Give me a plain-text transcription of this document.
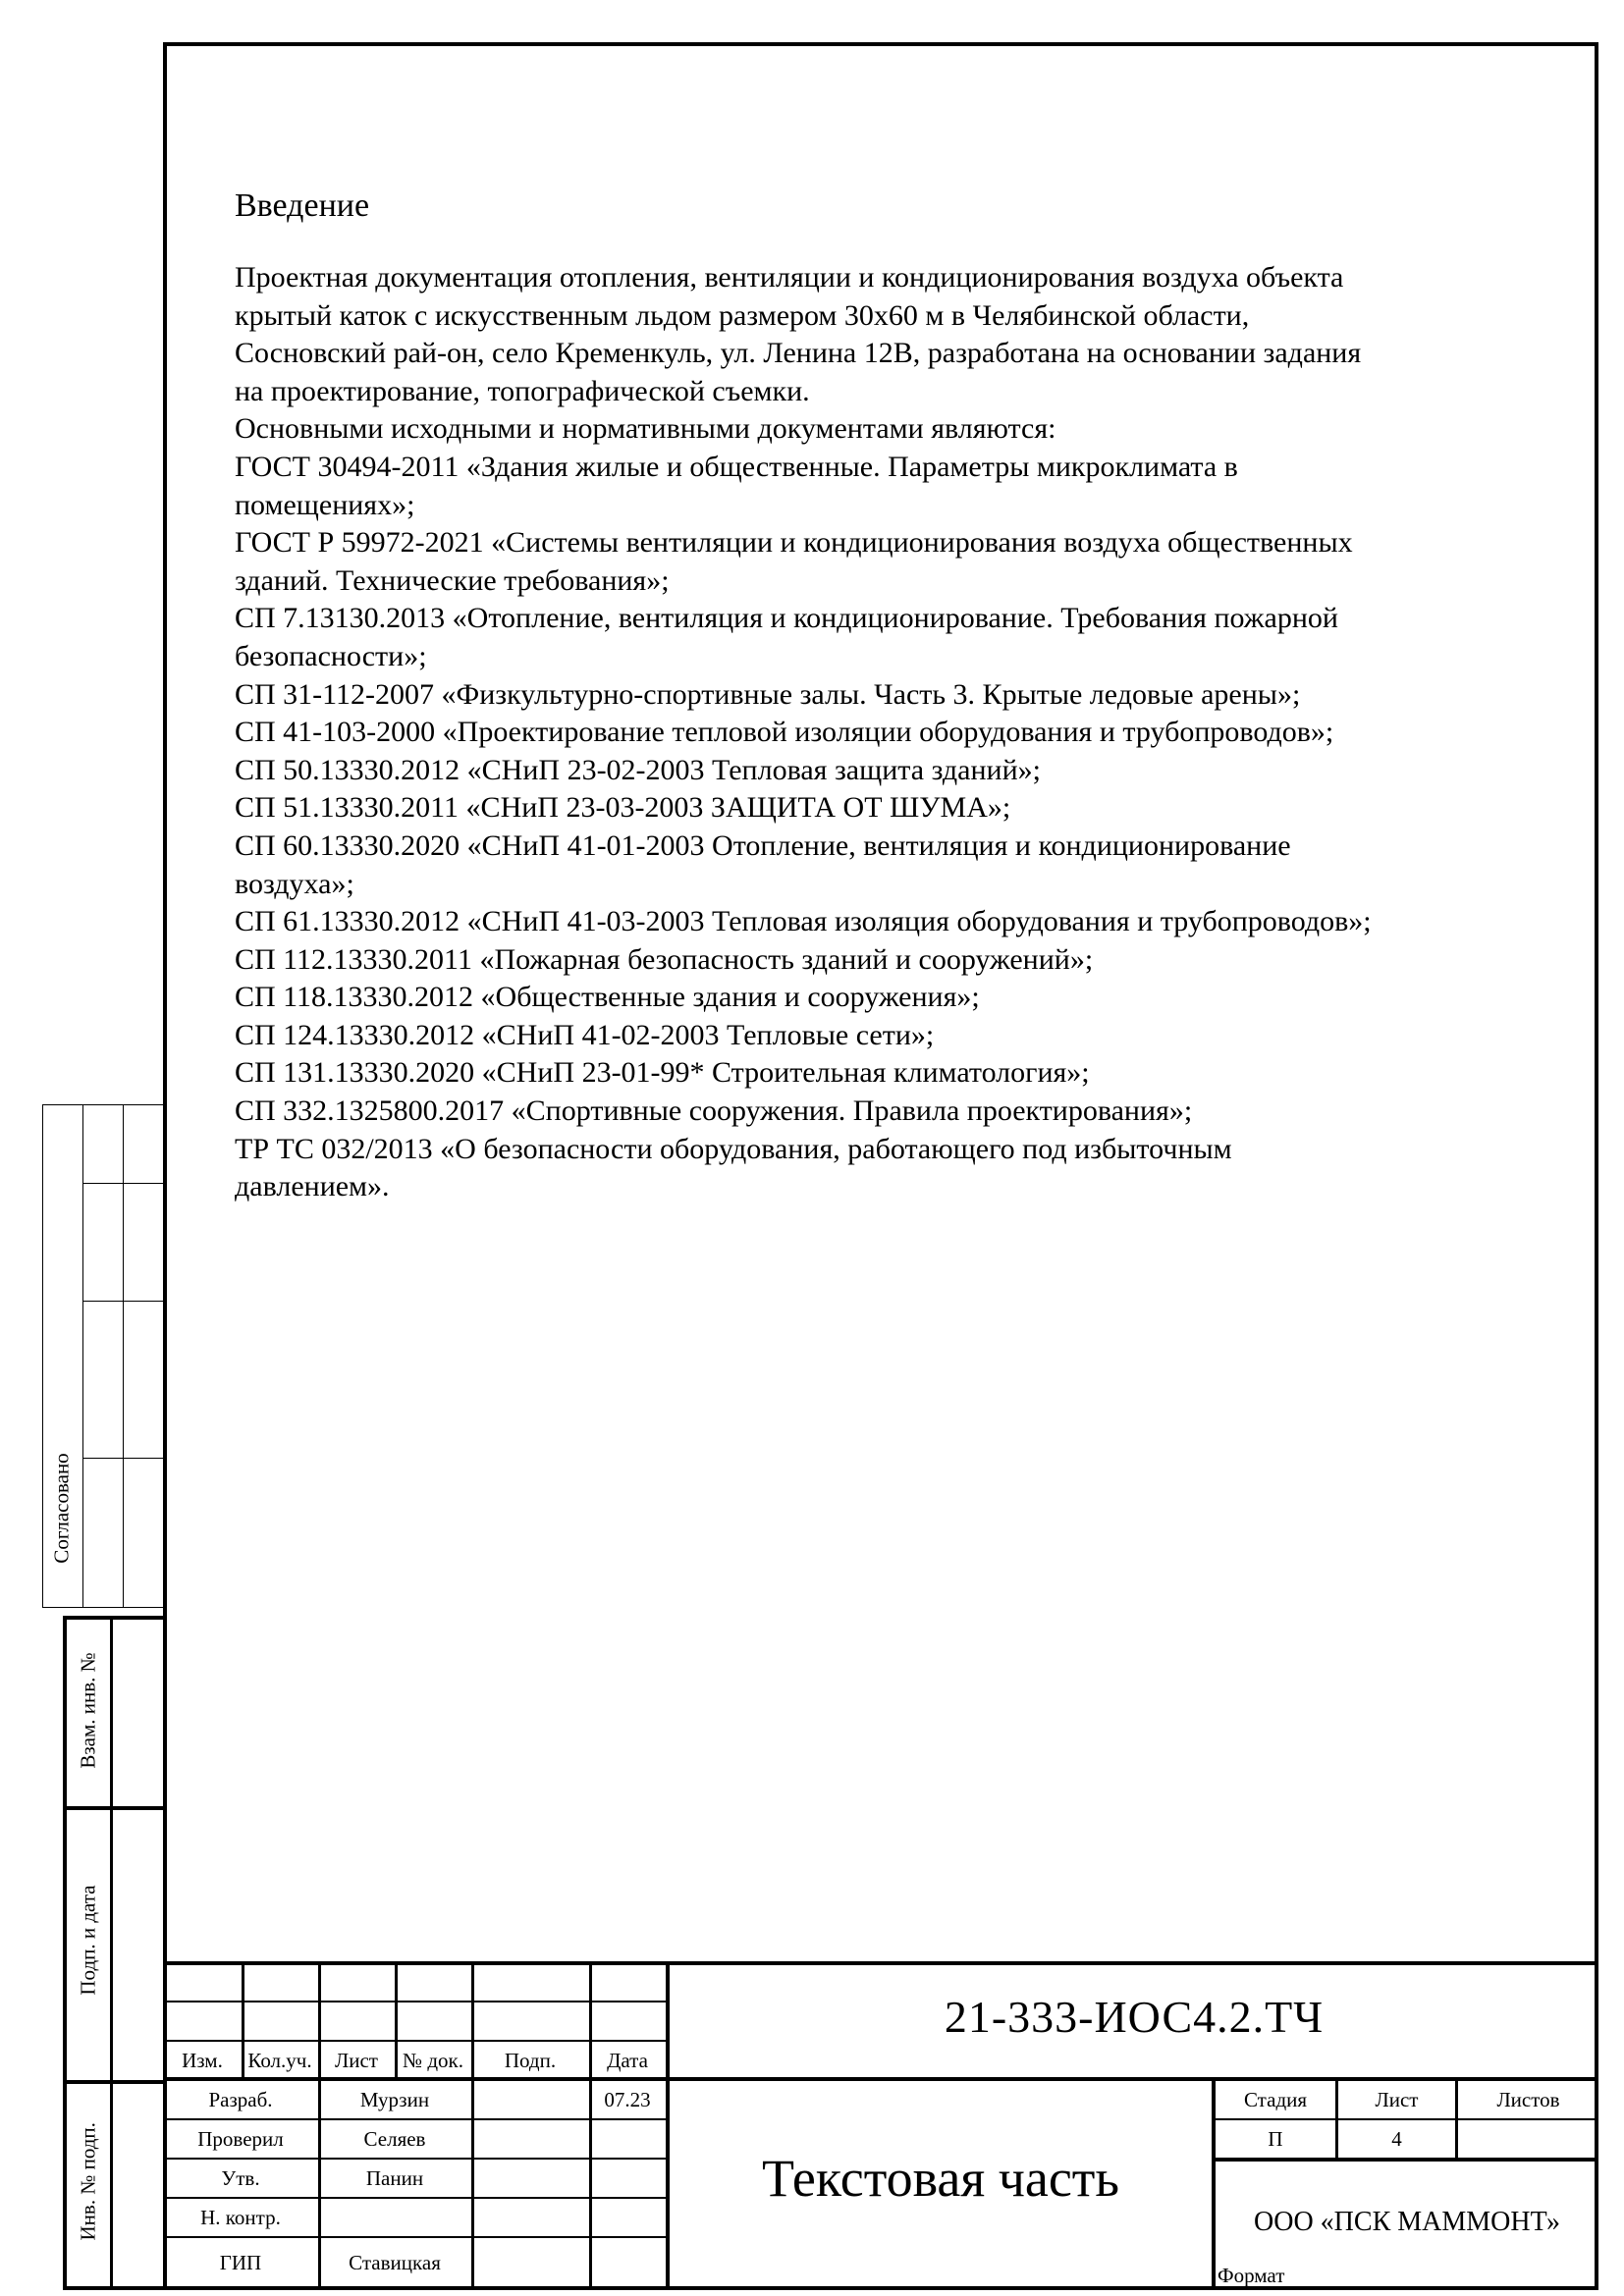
Введение

Проектная документация отопления, вентиляции и кондиционирования воздуха объекта

крытый каток с искусственным льдом размером 30х60 м в Челябинской области,

Сосновский рай-он, село Кременкуль, ул. Ленина 12В, разработана на основании задания

на проектирование, топографической съемки.

Основными исходными и нормативными документами являются:

ГОСТ 30494-2011 «Здания жилые и общественные. Параметры микроклимата в
помещениях»;
ГОСТ Р 59972-2021 «Системы вентиляции и кондиционирования воздуха общественных
зданий. Технические требования»;
СП 7.13130.2013 «Отопление, вентиляция и кондиционирование. Требования пожарной
безопасности»;
СП 31-112-2007 «Физкультурно-спортивные залы. Часть 3. Крытые ледовые арены»;
СП 41-103-2000 «Проектирование тепловой изоляции оборудования и трубопроводов»;
СП 50.13330.2012 «СНиП 23-02-2003 Тепловая защита зданий»;
СП 51.13330.2011 «СНиП 23-03-2003 ЗАЩИТА ОТ ШУМА»;
СП 60.13330.2020 «СНиП 41-01-2003 Отопление, вентиляция и кондиционирование
воздуха»;
СП 61.13330.2012 «СНиП 41-03-2003 Тепловая изоляция оборудования и трубопроводов»;
СП 112.13330.2011 «Пожарная безопасность зданий и сооружений»;
СП 118.13330.2012 «Общественные здания и сооружения»;
СП 124.13330.2012 «СНиП 41-02-2003 Тепловые сети»;
СП 131.13330.2020 «СНиП 23-01-99* Строительная климатология»;
СП 332.1325800.2017 «Спортивные сооружения. Правила проектирования»;
ТР ТС 032/2013 «О безопасности оборудования, работающего под избыточным
давлением».
Согласовано
Взам. инв. №
Подп. и дата
Инв. № подп.
Изм.	Кол.уч.	Лист	№ док.	Подп.	Дата
Разраб.	Мурзин	07.23
Проверил	Селяев
Утв.	Панин
Н. контр.
ГИП	Ставицкая
21-333-ИОС4.2.ТЧ
Текстовая часть
Стадия	Лист	Листов
П	4
ООО «ПСК МАММОНТ»
Формат
